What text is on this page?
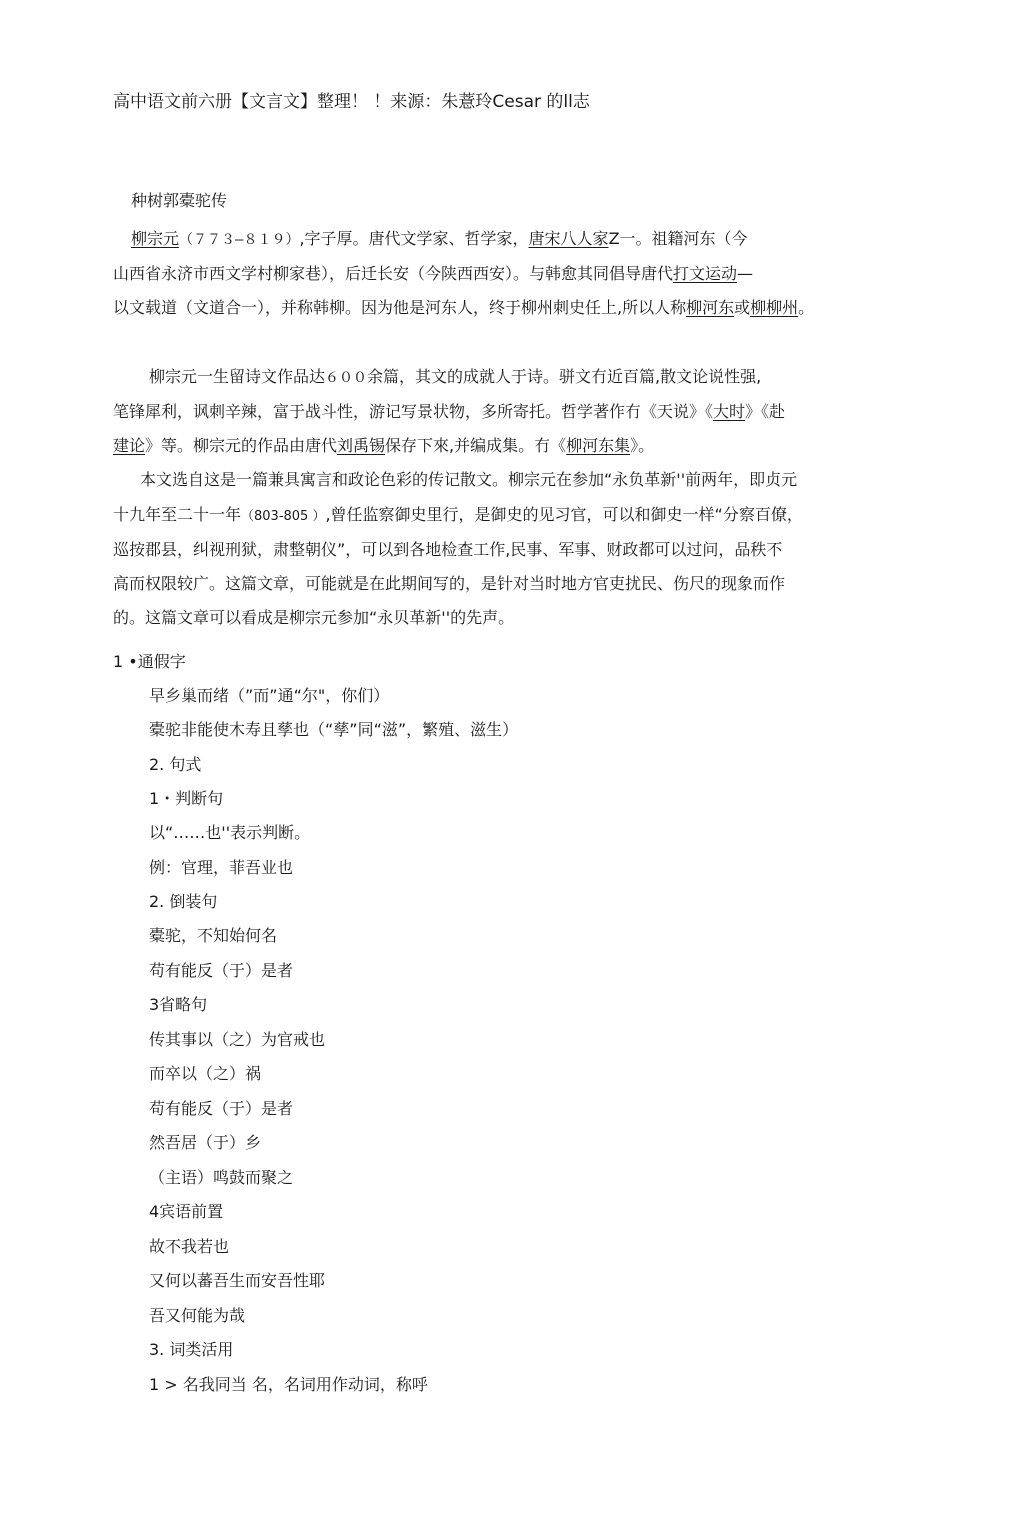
高中语文前六册【文言文】整理！ ！来源：朱薏玲Cesar 的ll志
种树郭橐驼传
柳宗元（７７３—８１９）,字子厚。唐代文学家、哲学家，唐宋八人家Z一。祖籍河东（今
山西省永济市西文学村柳家巷），后迁长安（今陕西西安）。与韩愈其同倡导唐代打文运动—
以文载道（文道合一），并称韩柳。因为他是河东人，终于柳州刺史任上,所以人称柳河东或柳柳州。
柳宗元一生留诗文作品达６００余篇，其文的成就人于诗。骈文冇近百篇,散文论说性强,
笔锋犀利，讽刺辛辣，富于战斗性，游记写景状物，多所寄托。哲学著作冇《天说》《大时》《赴
建论》等。柳宗元的作品由唐代刘禹锡保存下來,并编成集。冇《柳河东集》。
本文选自这是一篇兼具寓言和政论色彩的传记散文。柳宗元在参加“永负革新''前两年，即贞元
十九年至二十一年（803-805 ）,曾任监察御史里行，是御史的见习官，可以和御史一样“分察百僚，
巡按郡县，纠视刑狱，肃整朝仪”，可以到各地检查工作,民事、军事、财政都可以过问，品秩不
高而权限较广。这篇文章，可能就是在此期间写的，是针对当时地方官吏扰民、伤尺的现象而作
的。这篇文章可以看成是柳宗元参加“永贝革新''的先声。
1 •通假字
早乡巢而绪（”而”通“尔"，你们）
橐驼非能使木寿且孳也（“孳”同“滋”，繁殖、滋生）
2. 句式
1・判断句
以“……也''表示判断。
例：官理，菲吾业也
2. 倒装句
橐驼，不知始何名
苟有能反（于）是者
3省略句
传其事以（之）为官戒也
而卒以（之）祸
苟有能反（于）是者
然吾居（于）乡
（主语）鸣鼓而聚之
4宾语前置
故不我若也
又何以蕃吾生而安吾性耶
吾又何能为哉
3. 词类活用
1 > 名我同当 名，名词用作动词，称呼
